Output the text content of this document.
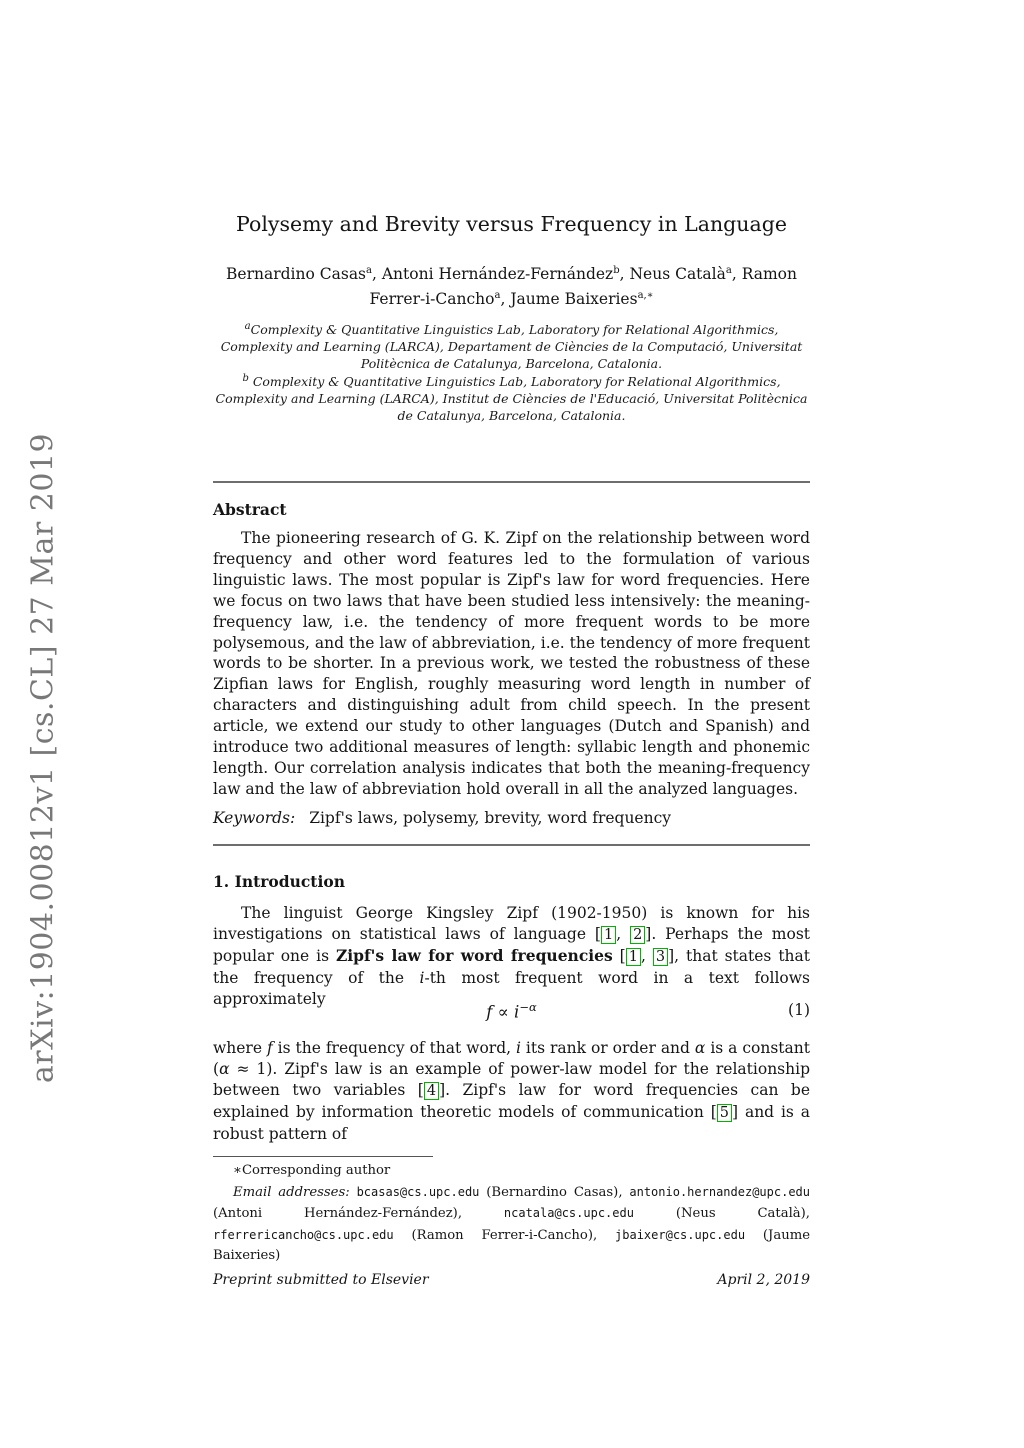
arXiv:1904.00812v1 [cs.CL] 27 Mar 2019
Polysemy and Brevity versus Frequency in Language
Bernardino Casas$^a$, Antoni Hernández-Fernández$^b$, Neus Català$^a$, Ramon Ferrer-i-Cancho$^a$, Jaume Baixeries$^{a,∗}$
$^a$Complexity & Quantitative Linguistics Lab, Laboratory for Relational Algorithmics, Complexity and Learning (LARCA), Departament de Ciències de la Computació, Universitat Politècnica de Catalunya, Barcelona, Catalonia.
$^b$ Complexity & Quantitative Linguistics Lab, Laboratory for Relational Algorithmics, Complexity and Learning (LARCA), Institut de Ciències de l'Educació, Universitat Politècnica de Catalunya, Barcelona, Catalonia.
Abstract

The pioneering research of G. K. Zipf on the relationship between word frequency and other word features led to the formulation of various linguistic laws. The most popular is Zipf's law for word frequencies. Here we focus on two laws that have been studied less intensively: the meaning-frequency law, i.e. the tendency of more frequent words to be more polysemous, and the law of abbreviation, i.e. the tendency of more frequent words to be shorter. In a previous work, we tested the robustness of these Zipfian laws for English, roughly measuring word length in number of characters and distinguishing adult from child speech. In the present article, we extend our study to other languages (Dutch and Spanish) and introduce two additional measures of length: syllabic length and phonemic length. Our correlation analysis indicates that both the meaning-frequency law and the law of abbreviation hold overall in all the analyzed languages.

Keywords: Zipf's laws, polysemy, brevity, word frequency

1. Introduction

The linguist George Kingsley Zipf (1902-1950) is known for his investigations on statistical laws of language [ 1 , 2 ]. Perhaps the most popular one is Zipf's law for word frequencies [ 1 , 3 ], that states that the frequency of the i-th most frequent word in a text follows approximately

$f \propto i^{-\alpha}$	(1)

where f is the frequency of that word, i its rank or order and α is a constant (α ≈ 1). Zipf's law is an example of power-law model for the relationship between two variables [ 4 ]. Zipf's law for word frequencies can be explained by information theoretic models of communication [ 5 ] and is a robust pattern of

∗Corresponding author
Email addresses: bcasas@cs.upc.edu (Bernardino Casas), antonio.hernandez@upc.edu (Antoni Hernández-Fernández), ncatala@cs.upc.edu (Neus Català), rferrericancho@cs.upc.edu (Ramon Ferrer-i-Cancho), jbaixer@cs.upc.edu (Jaume Baixeries)
Preprint submitted to Elsevier	April 2, 2019
